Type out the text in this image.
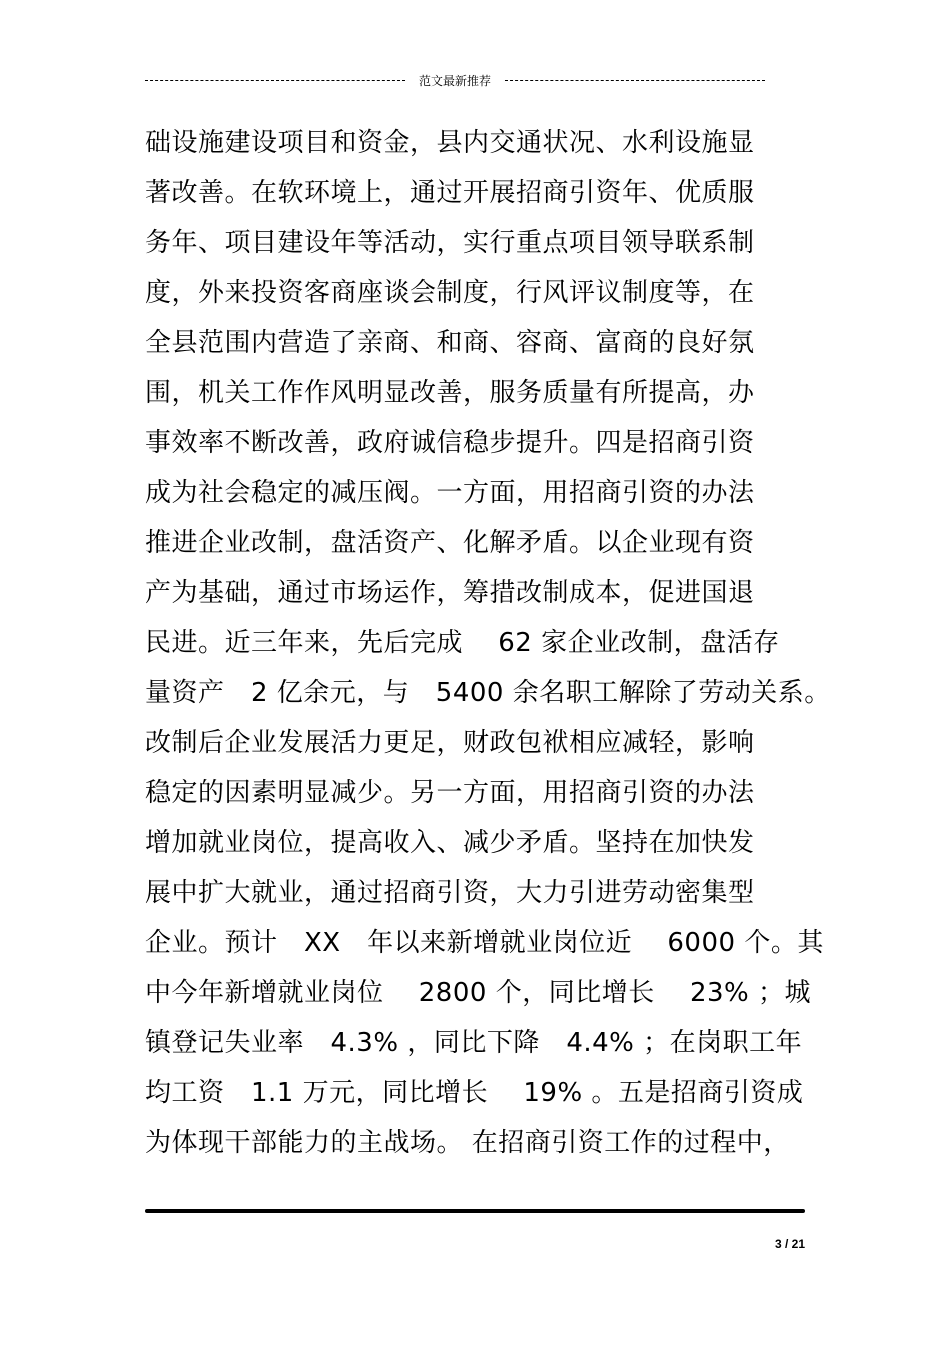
范文最新推荐
础设施建设项目和资金，县内交通状况、水利设施显
著改善。在软环境上，通过开展招商引资年、优质服
务年、项目建设年等活动，实行重点项目领导联系制
度，外来投资客商座谈会制度，行风评议制度等，在
全县范围内营造了亲商、和商、容商、富商的良好氛
围，机关工作作风明显改善，服务质量有所提高，办
事效率不断改善，政府诚信稳步提升。四是招商引资
成为社会稳定的减压阀。一方面，用招商引资的办法
推进企业改制，盘活资产、化解矛盾。以企业现有资
产为基础，通过市场运作，筹措改制成本，促进国退
民进。近三年来，先后完成　 62 家企业改制，盘活存
量资产　2 亿余元，与　5400 余名职工解除了劳动关系。
改制后企业发展活力更足，财政包袱相应减轻，影响
稳定的因素明显减少。另一方面，用招商引资的办法
增加就业岗位，提高收入、减少矛盾。坚持在加快发
展中扩大就业，通过招商引资，大力引进劳动密集型
企业。预计　XX　年以来新增就业岗位近　 6000 个。其
中今年新增就业岗位　 2800 个，同比增长　 23% ；城
镇登记失业率　4.3% ，同比下降　4.4% ；在岗职工年
均工资　1.1 万元，同比增长　 19% 。五是招商引资成
为体现干部能力的主战场。 在招商引资工作的过程中，
3 / 21
